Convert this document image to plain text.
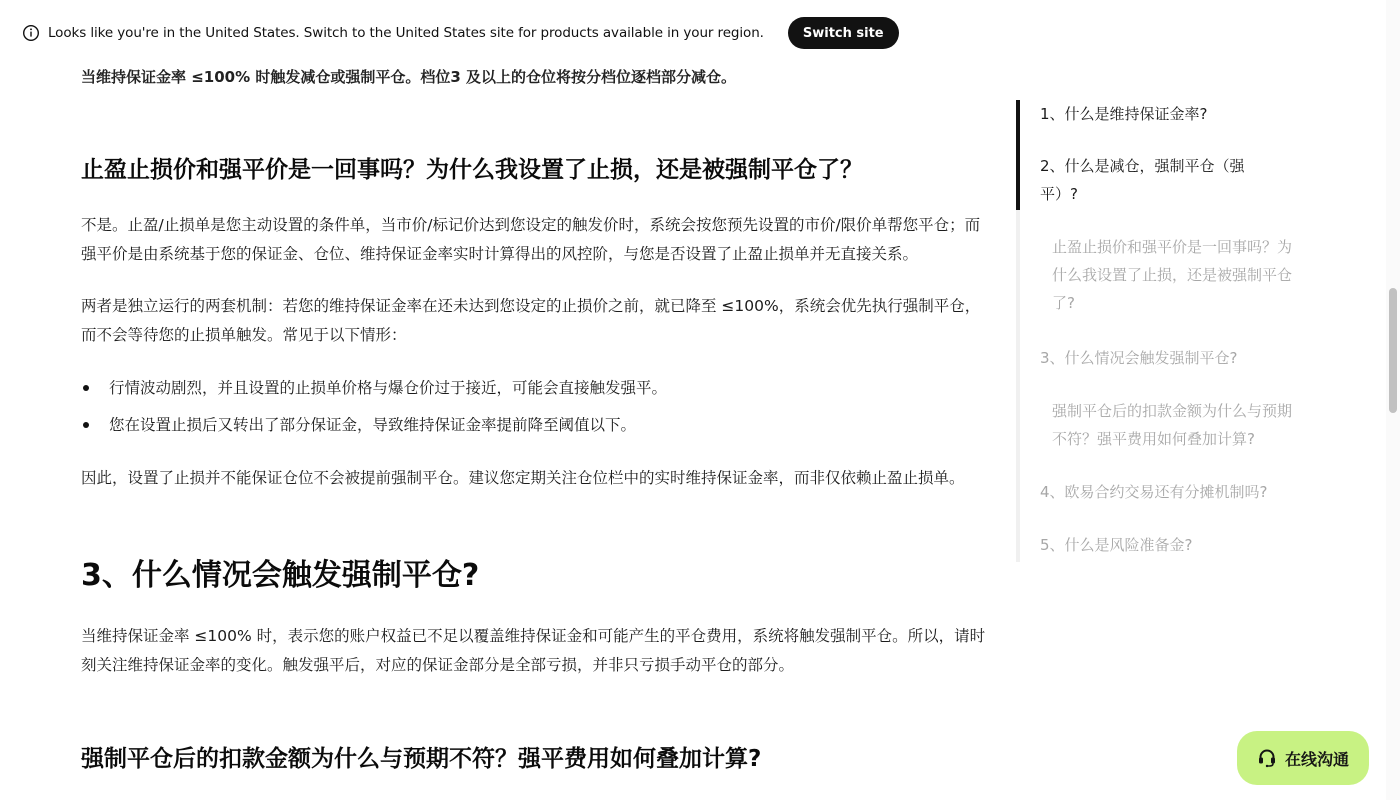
当维持保证金率 ≤100% 时触发减仓或强制平仓。档位3 及以上的仓位将按分档位逐档部分减仓。
止盈止损价和强平价是一回事吗？为什么我设置了止损，还是被强制平仓了？

不是。止盈/止损单是您主动设置的条件单，当市价/标记价达到您设定的触发价时，系统会按您预先设置的市价/限价单帮您平仓；而强平价是由系统基于您的保证金、仓位、维持保证金率实时计算得出的风控阶，与您是否设置了止盈止损单并无直接关系。

两者是独立运行的两套机制：若您的维持保证金率在还未达到您设定的止损价之前，就已降至 ≤100%，系统会优先执行强制平仓，而不会等待您的止损单触发。常见于以下情形：

行情波动剧烈，并且设置的止损单价格与爆仓价过于接近，可能会直接触发强平。
您在设置止损后又转出了部分保证金，导致维持保证金率提前降至阈值以下。

因此，设置了止损并不能保证仓位不会被提前强制平仓。建议您定期关注仓位栏中的实时维持保证金率，而非仅依赖止盈止损单。

3、什么情况会触发强制平仓?

当维持保证金率 ≤100% 时，表示您的账户权益已不足以覆盖维持保证金和可能产生的平仓费用，系统将触发强制平仓。所以，请时刻关注维持保证金率的变化。触发强平后，对应的保证金部分是全部亏损，并非只亏损手动平仓的部分。

强制平仓后的扣款金额为什么与预期不符？强平费用如何叠加计算?
Looks like you're in the United States. Switch to the United States site for products available in your region.	Switch site
1、什么是维持保证金率?
2、什么是减仓，强制平仓（强平）?
止盈止损价和强平价是一回事吗？为什么我设置了止损，还是被强制平仓了?
3、什么情况会触发强制平仓?
强制平仓后的扣款金额为什么与预期不符？强平费用如何叠加计算?
4、欧易合约交易还有分摊机制吗?
5、什么是风险准备金?
在线沟通
